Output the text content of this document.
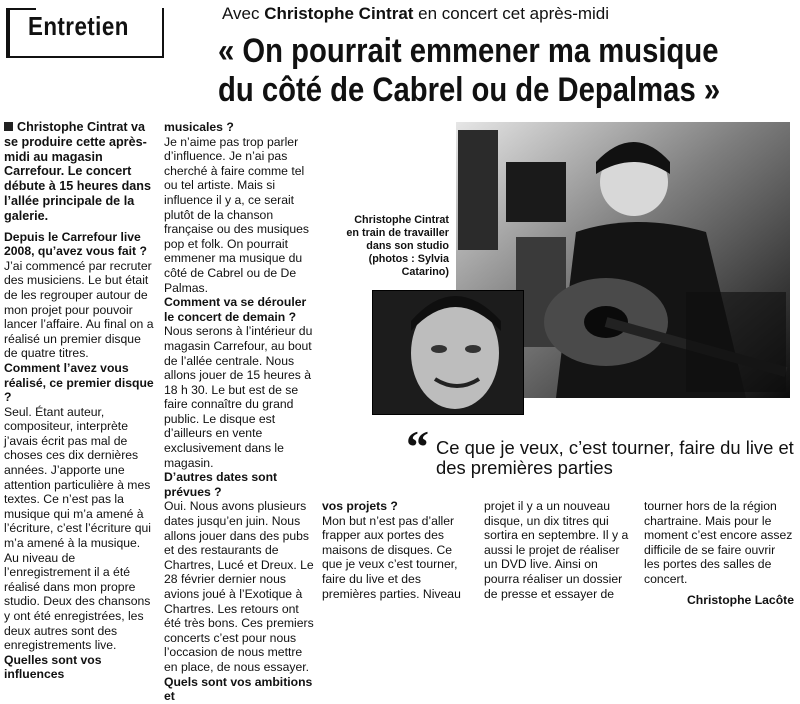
Entretien	Avec Christophe Cintrat en concert cet après-midi
« On pourrait emmener ma musique
du côté de Cabrel ou de Depalmas »

Christophe Cintrat va se produire cette après-midi au magasin Carrefour. Le concert débute à 15 heures dans l’allée principale de la galerie.

Depuis le Carrefour live 2008, qu’avez vous fait ?

J’ai commencé par recruter des musiciens. Le but était de les regrouper autour de mon projet pour pouvoir lancer l’affaire. Au final on a réalisé un premier disque de quatre titres.

Comment l’avez vous réalisé, ce premier disque ?

Seul. Étant auteur, compositeur, interprète j’avais écrit pas mal de choses ces dix dernières années. J’apporte une attention particulière à mes textes. Ce n’est pas la musique qui m’a amené à l’écriture, c’est l’écriture qui m’a amené à la musique. Au niveau de l’enregistrement il a été réalisé dans mon propre studio. Deux des chansons y ont été enregistrées, les deux autres sont des enregistrements live.

Quelles sont vos influences

musicales ?

Je n’aime pas trop parler d’influence. Je n’ai pas cherché à faire comme tel ou tel artiste. Mais si influence il y a, ce serait plutôt de la chanson française ou des musiques pop et folk. On pourrait emmener ma musique du côté de Cabrel ou de De Palmas.

Comment va se dérouler le concert de demain ?

Nous serons à l’intérieur du magasin Carrefour, au bout de l’allée centrale. Nous allons jouer de 15 heures à 18 h 30. Le but est de se faire connaître du grand public. Le disque est d’ailleurs en vente exclusivement dans le magasin.

D’autres dates sont prévues ?

Oui. Nous avons plusieurs dates jusqu’en juin. Nous allons jouer dans des pubs et des restaurants de Chartres, Lucé et Dreux. Le 28 février dernier nous avions joué à l’Exotique à Chartres. Les retours ont été très bons. Ces premiers concerts c’est pour nous l’occasion de nous mettre en place, de nous essayer.

Quels sont vos ambitions et

Christophe Cintrat en train de travailler dans son studio (photos : Sylvia Catarino)
“ Ce que je veux, c’est tourner, faire du live et des premières parties

vos projets ?

Mon but n’est pas d’aller frapper aux portes des maisons de disques. Ce que je veux c’est tourner, faire du live et des premières parties. Niveau

projet il y a un nouveau disque, un dix titres qui sortira en septembre. Il y a aussi le projet de réaliser un DVD live. Ainsi on pourra réaliser un dossier de presse et essayer de

tourner hors de la région chartraine. Mais pour le moment c’est encore assez difficile de se faire ouvrir les portes des salles de concert.

Christophe Lacôte
